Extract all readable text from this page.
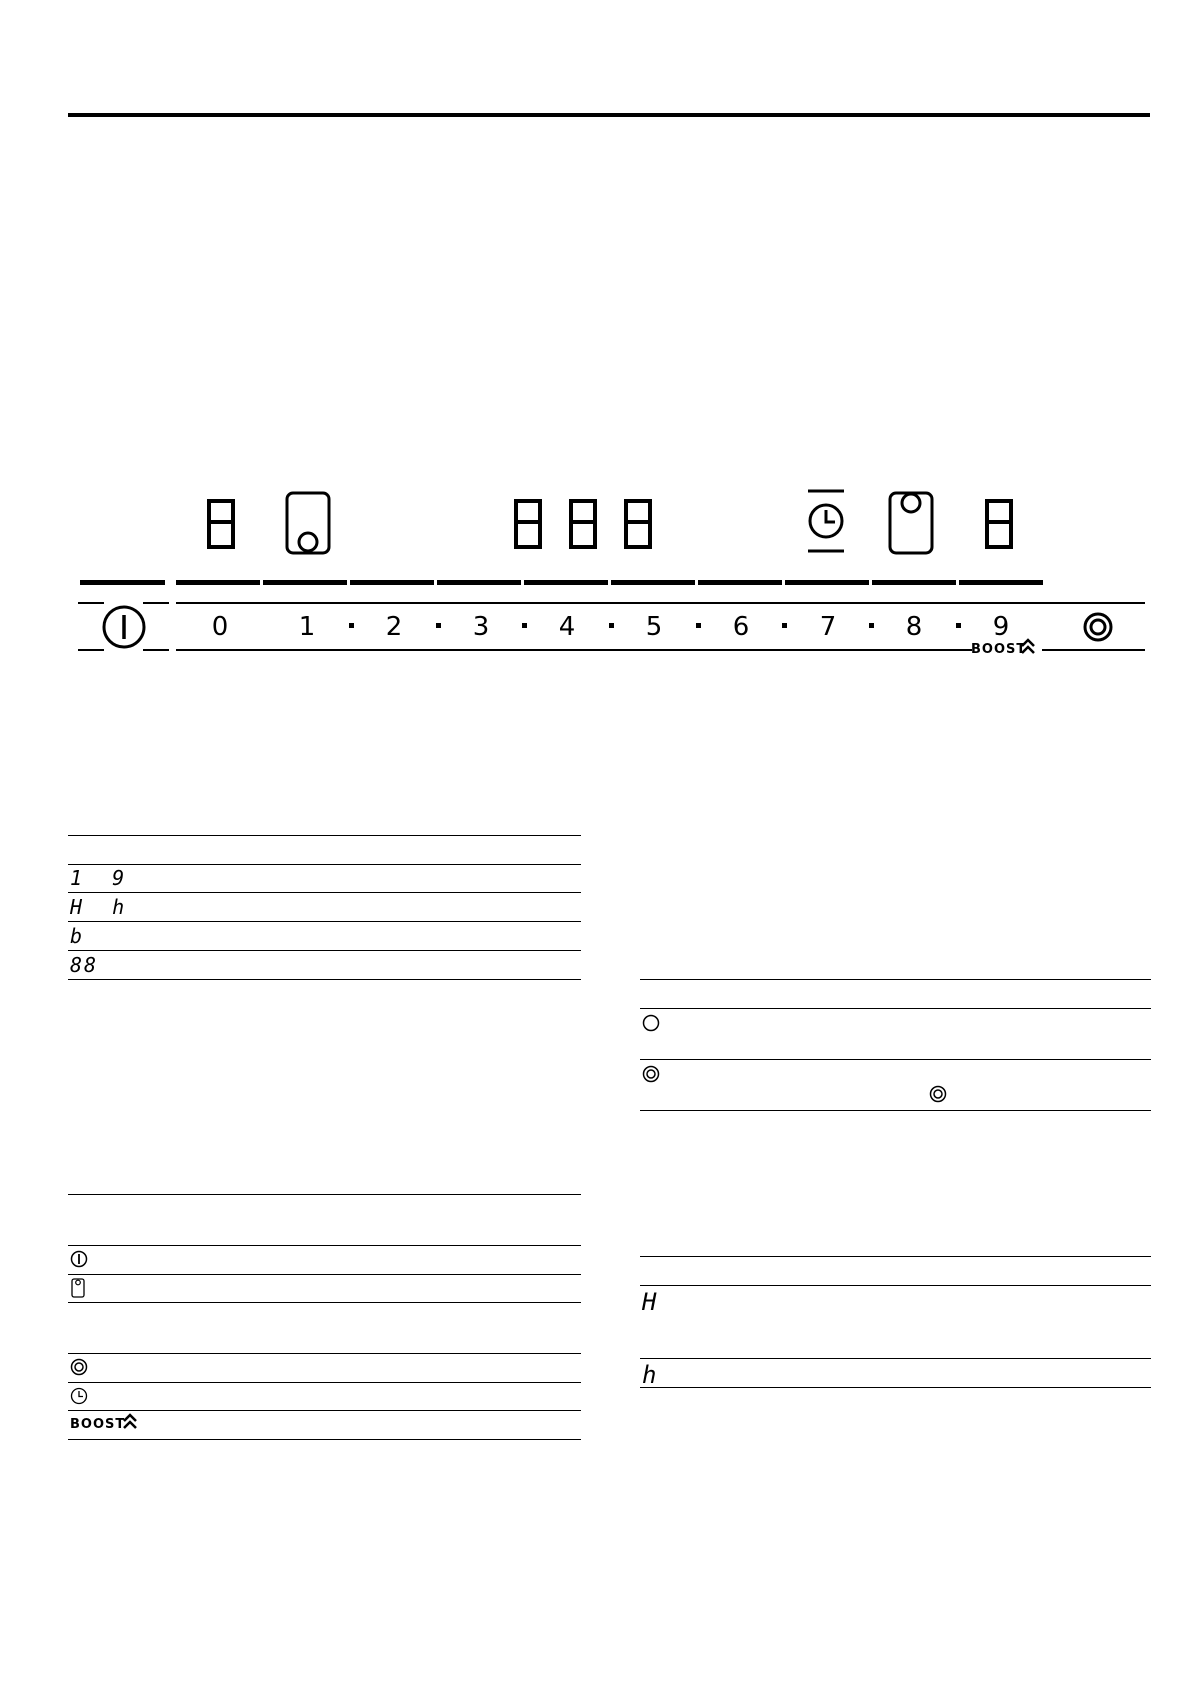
0	1	2	3	4	5	6	7	8	9
BOOST
1  9
H  h
b
88
BOOST
H
h
